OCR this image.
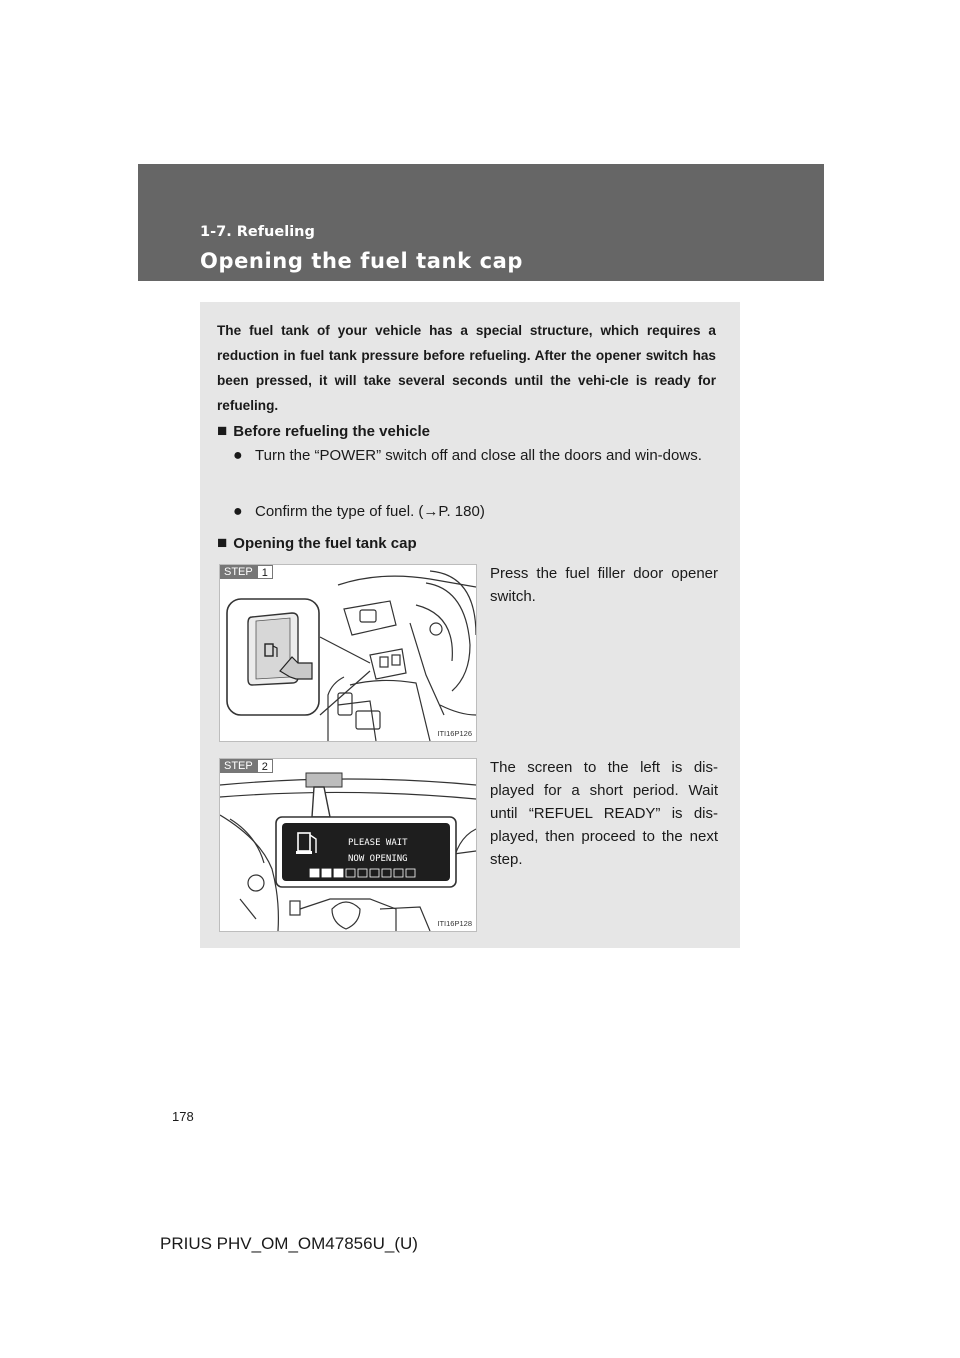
1-7. Refueling
Opening the fuel tank cap
The fuel tank of your vehicle has a special structure, which requires a reduction in fuel tank pressure before refueling. After the opener switch has been pressed, it will take several seconds until the vehi-cle is ready for refueling.
■ Before refueling the vehicle
● Turn the “POWER” switch off and close all the doors and win-dows.
● Confirm the type of fuel. (→P. 180)
■ Opening the fuel tank cap
STEP 1
ITI16P126
Press the fuel filler door opener switch.
PLEASE WAIT
NOW OPENING
STEP 2
ITI16P128
The screen to the left is dis-played for a short period. Wait until “REFUEL READY” is dis-played, then proceed to the next step.
178
PRIUS PHV_OM_OM47856U_(U)
